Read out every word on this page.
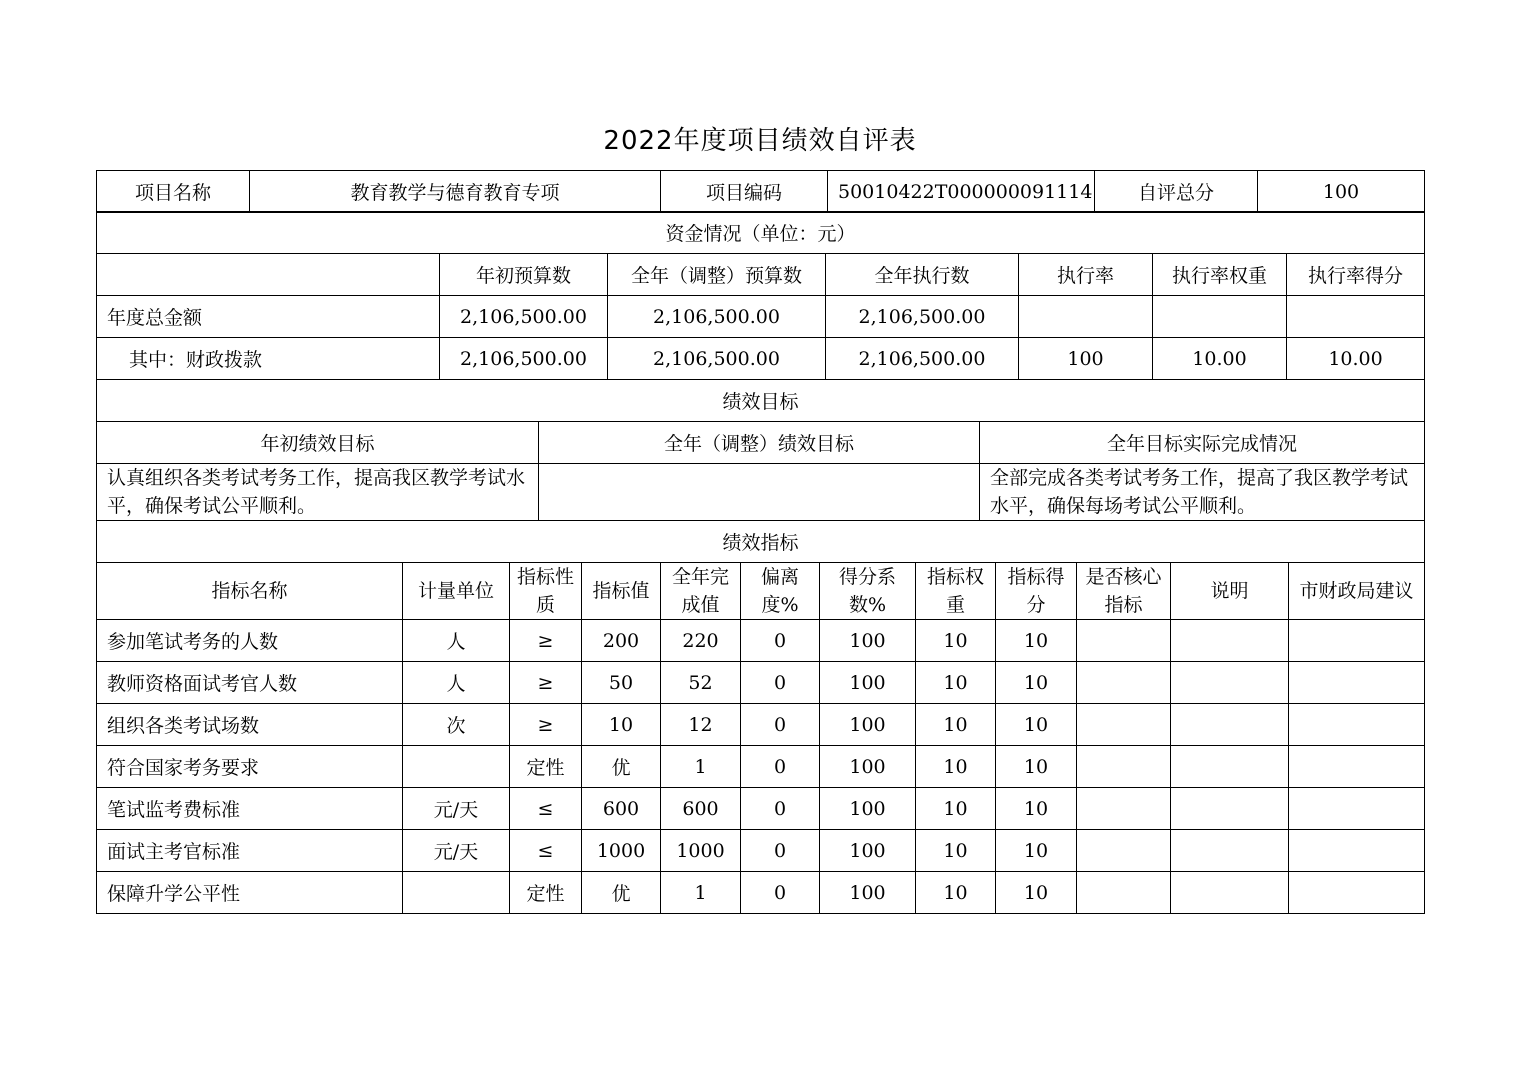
2022年度项目绩效自评表
项目名称	教育教学与德育教育专项	项目编码	50010422T000000091114	自评总分	100
资金情况（单位：元）						
	年初预算数	全年（调整）预算数	全年执行数	执行率	执行率权重	执行率得分
年度总金额	2,106,500.00	2,106,500.00	2,106,500.00			
其中：财政拨款	2,106,500.00	2,106,500.00	2,106,500.00	100	10.00	10.00
绩效目标		
年初绩效目标	全年（调整）绩效目标	全年目标实际完成情况
认真组织各类考试考务工作，提高我区教学考试水平，确保考试公平顺利。		全部完成各类考试考务工作，提高了我区教学考试水平，确保每场考试公平顺利。
绩效指标											
指标名称	计量单位	指标性质	指标值	全年完成值	偏离度%	得分系数%	指标权重	指标得分	是否核心指标	说明	市财政局建议
参加笔试考务的人数	人	≥	200	220	0	100	10	10			
教师资格面试考官人数	人	≥	50	52	0	100	10	10			
组织各类考试场数	次	≥	10	12	0	100	10	10			
符合国家考务要求		定性	优	1	0	100	10	10			
笔试监考费标准	元/天	≤	600	600	0	100	10	10			
面试主考官标准	元/天	≤	1000	1000	0	100	10	10			
保障升学公平性		定性	优	1	0	100	10	10			
